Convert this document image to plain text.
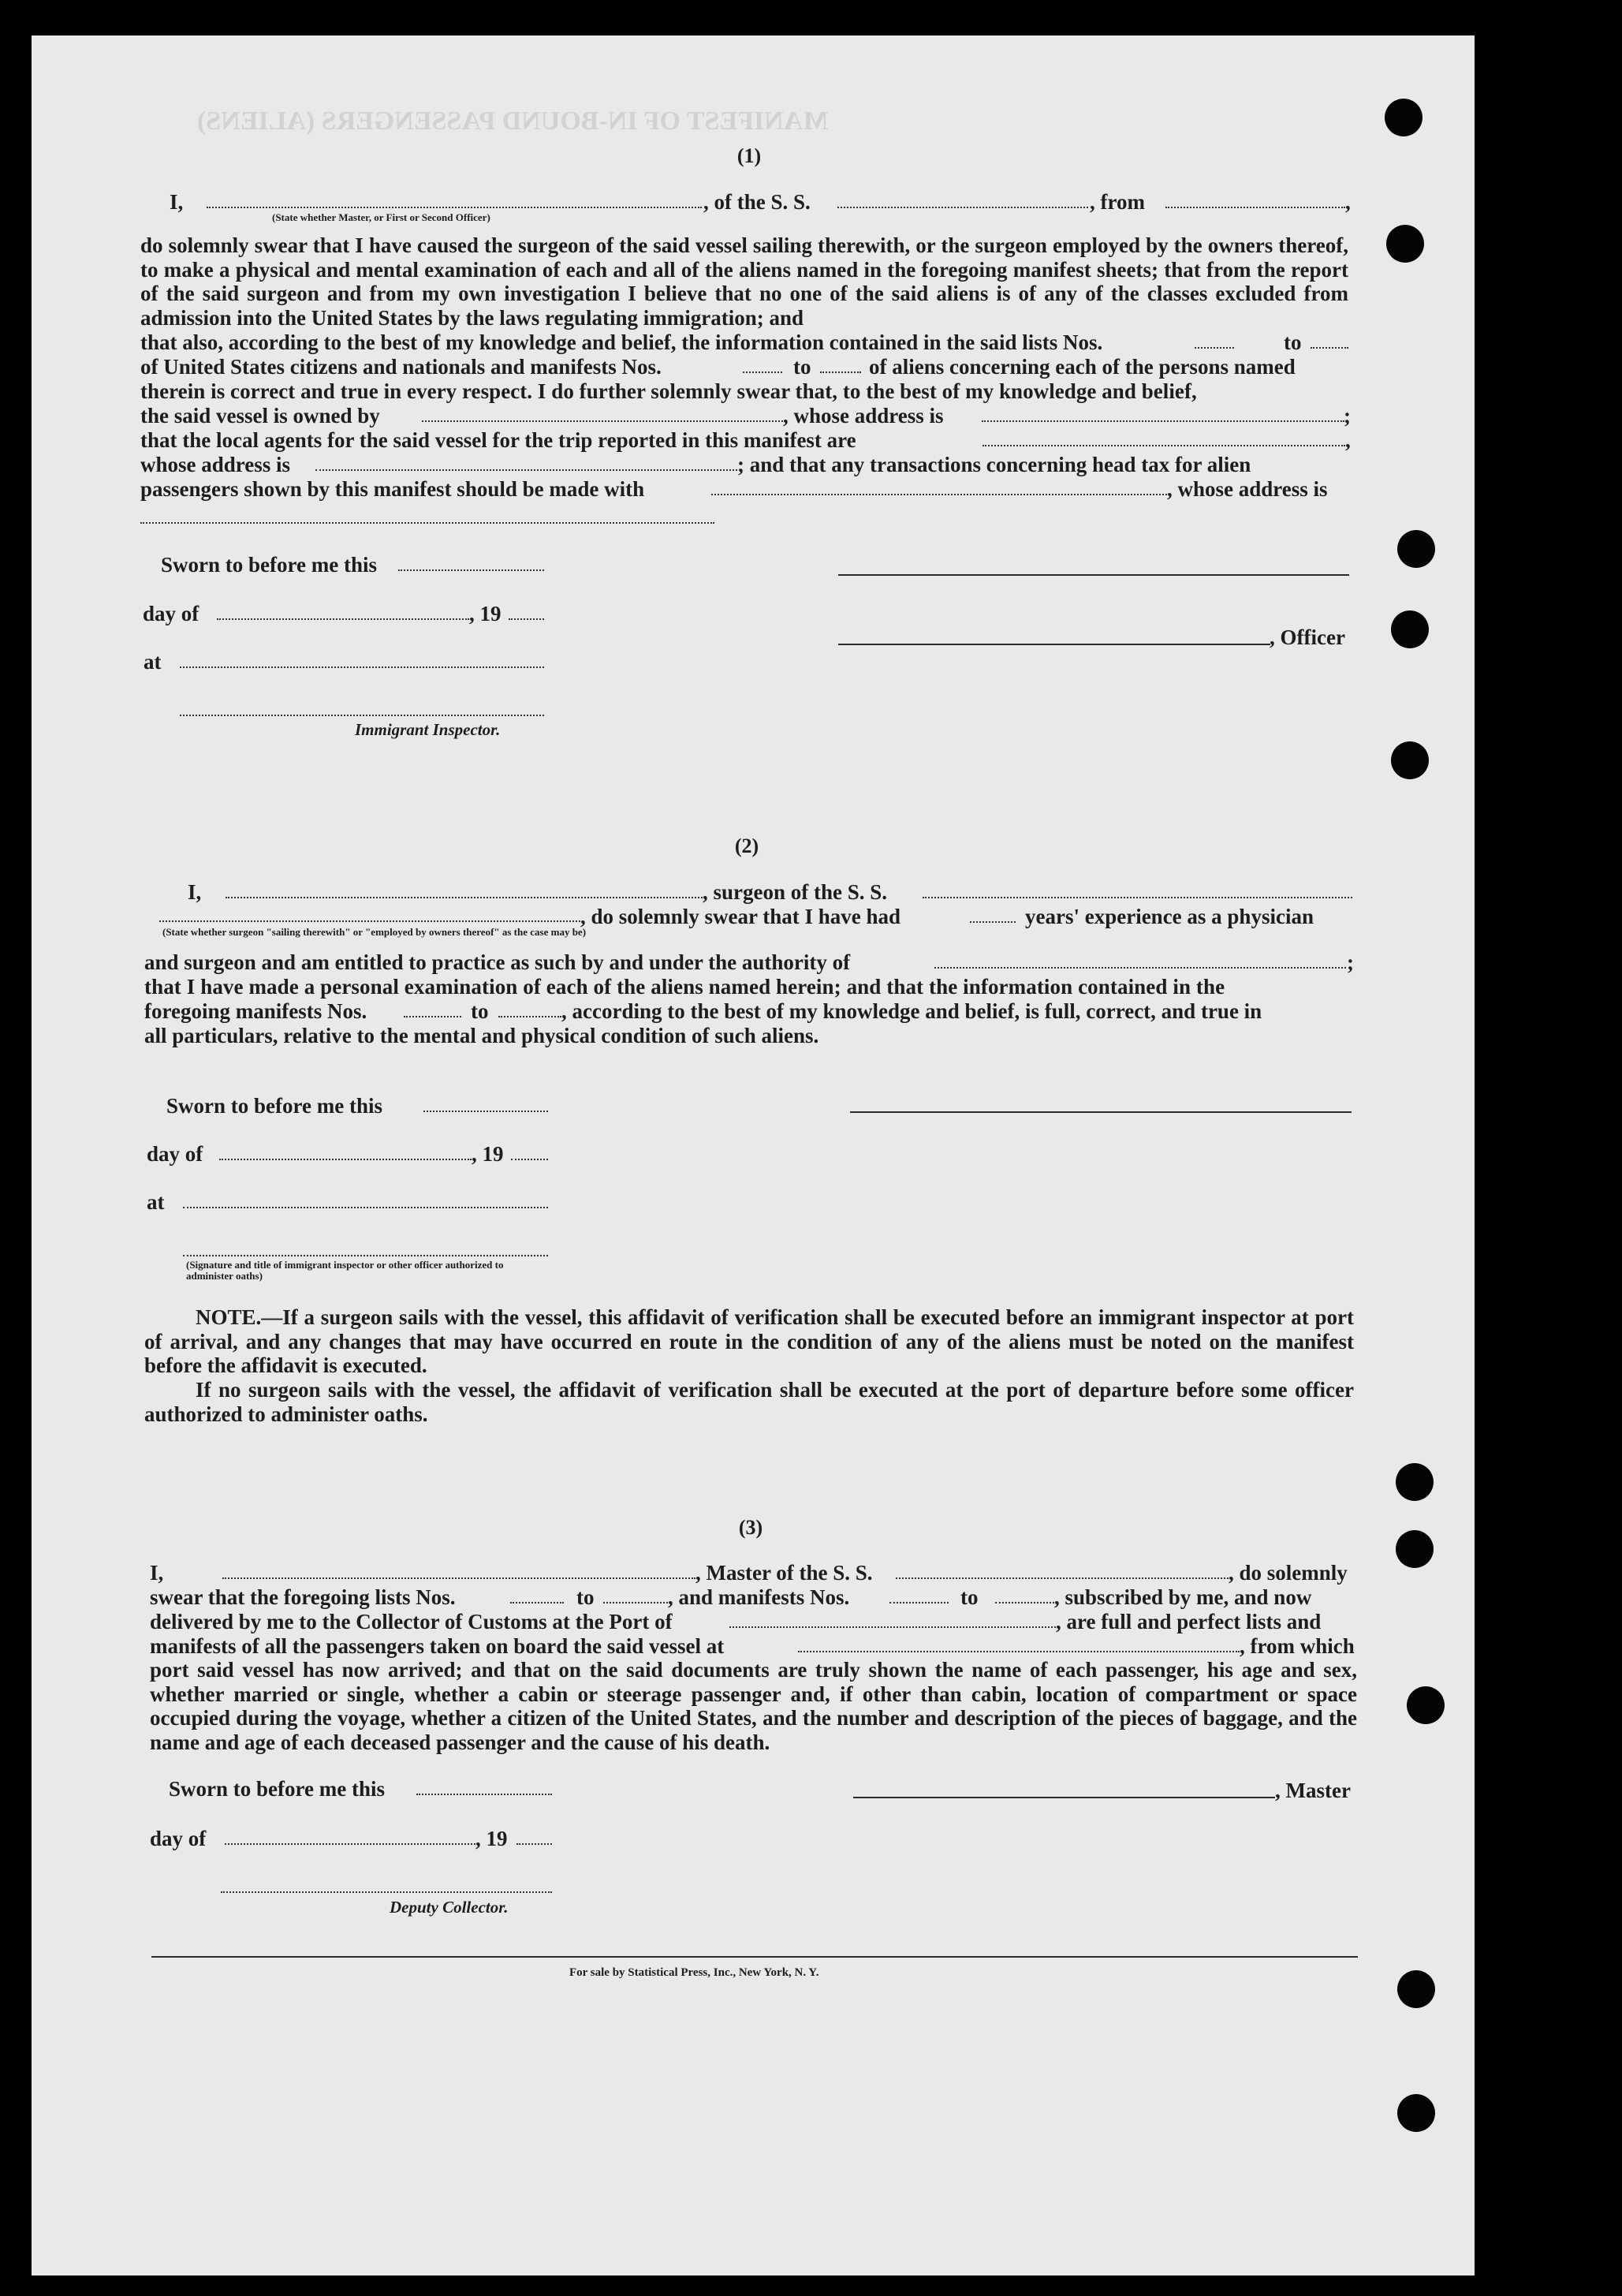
MANIFEST OF IN-BOUND PASSENGERS (ALIENS)
(1)
I,	, of the S. S.	, from	,
(State whether Master, or First or Second Officer)
do solemnly swear that I have caused the surgeon of the said vessel sailing therewith, or the surgeon employed by the owners thereof, to make a physical and mental examination of each and all of the aliens named in the foregoing manifest sheets; that from the report of the said surgeon and from my own investigation I believe that no one of the said aliens is of any of the classes excluded from admission into the United States by the laws regulating immigration; and
that also, according to the best of my knowledge and belief, the information contained in the said lists Nos.	to
of United States citizens and nationals and manifests Nos.	to	of aliens concerning each of the persons named
therein is correct and true in every respect. I do further solemnly swear that, to the best of my knowledge and belief,
the said vessel is owned by	, whose address is	;
that the local agents for the said vessel for the trip reported in this manifest are	,
whose address is	; and that any transactions concerning head tax for alien
passengers shown by this manifest should be made with	, whose address is
Sworn to before me this
day of	, 19
, Officer
at
Immigrant Inspector.
(2)
I,	, surgeon of the S. S.
, do solemnly swear that I have had	years' experience as a physician
(State whether surgeon "sailing therewith" or "employed by owners thereof" as the case may be)
and surgeon and am entitled to practice as such by and under the authority of	;
that I have made a personal examination of each of the aliens named herein; and that the information contained in the
foregoing manifests Nos.	to	, according to the best of my knowledge and belief, is full, correct, and true in
all particulars, relative to the mental and physical condition of such aliens.
Sworn to before me this
day of	, 19
at
(Signature and title of immigrant inspector or other officer authorized to administer oaths)
NOTE.—If a surgeon sails with the vessel, this affidavit of verification shall be executed before an immigrant inspector at port of arrival, and any changes that may have occurred en route in the condition of any of the aliens must be noted on the manifest before the affidavit is executed.
If no surgeon sails with the vessel, the affidavit of verification shall be executed at the port of departure before some officer authorized to administer oaths.
(3)
I,	, Master of the S. S.	, do solemnly
swear that the foregoing lists Nos.	to	, and manifests Nos.	to	, subscribed by me, and now
delivered by me to the Collector of Customs at the Port of	, are full and perfect lists and
manifests of all the passengers taken on board the said vessel at	, from which
port said vessel has now arrived; and that on the said documents are truly shown the name of each passenger, his age and sex, whether married or single, whether a cabin or steerage passenger and, if other than cabin, location of compartment or space occupied during the voyage, whether a citizen of the United States, and the number and description of the pieces of baggage, and the name and age of each deceased passenger and the cause of his death.
Sworn to before me this	, Master
day of	, 19
Deputy Collector.
For sale by Statistical Press, Inc., New York, N. Y.
